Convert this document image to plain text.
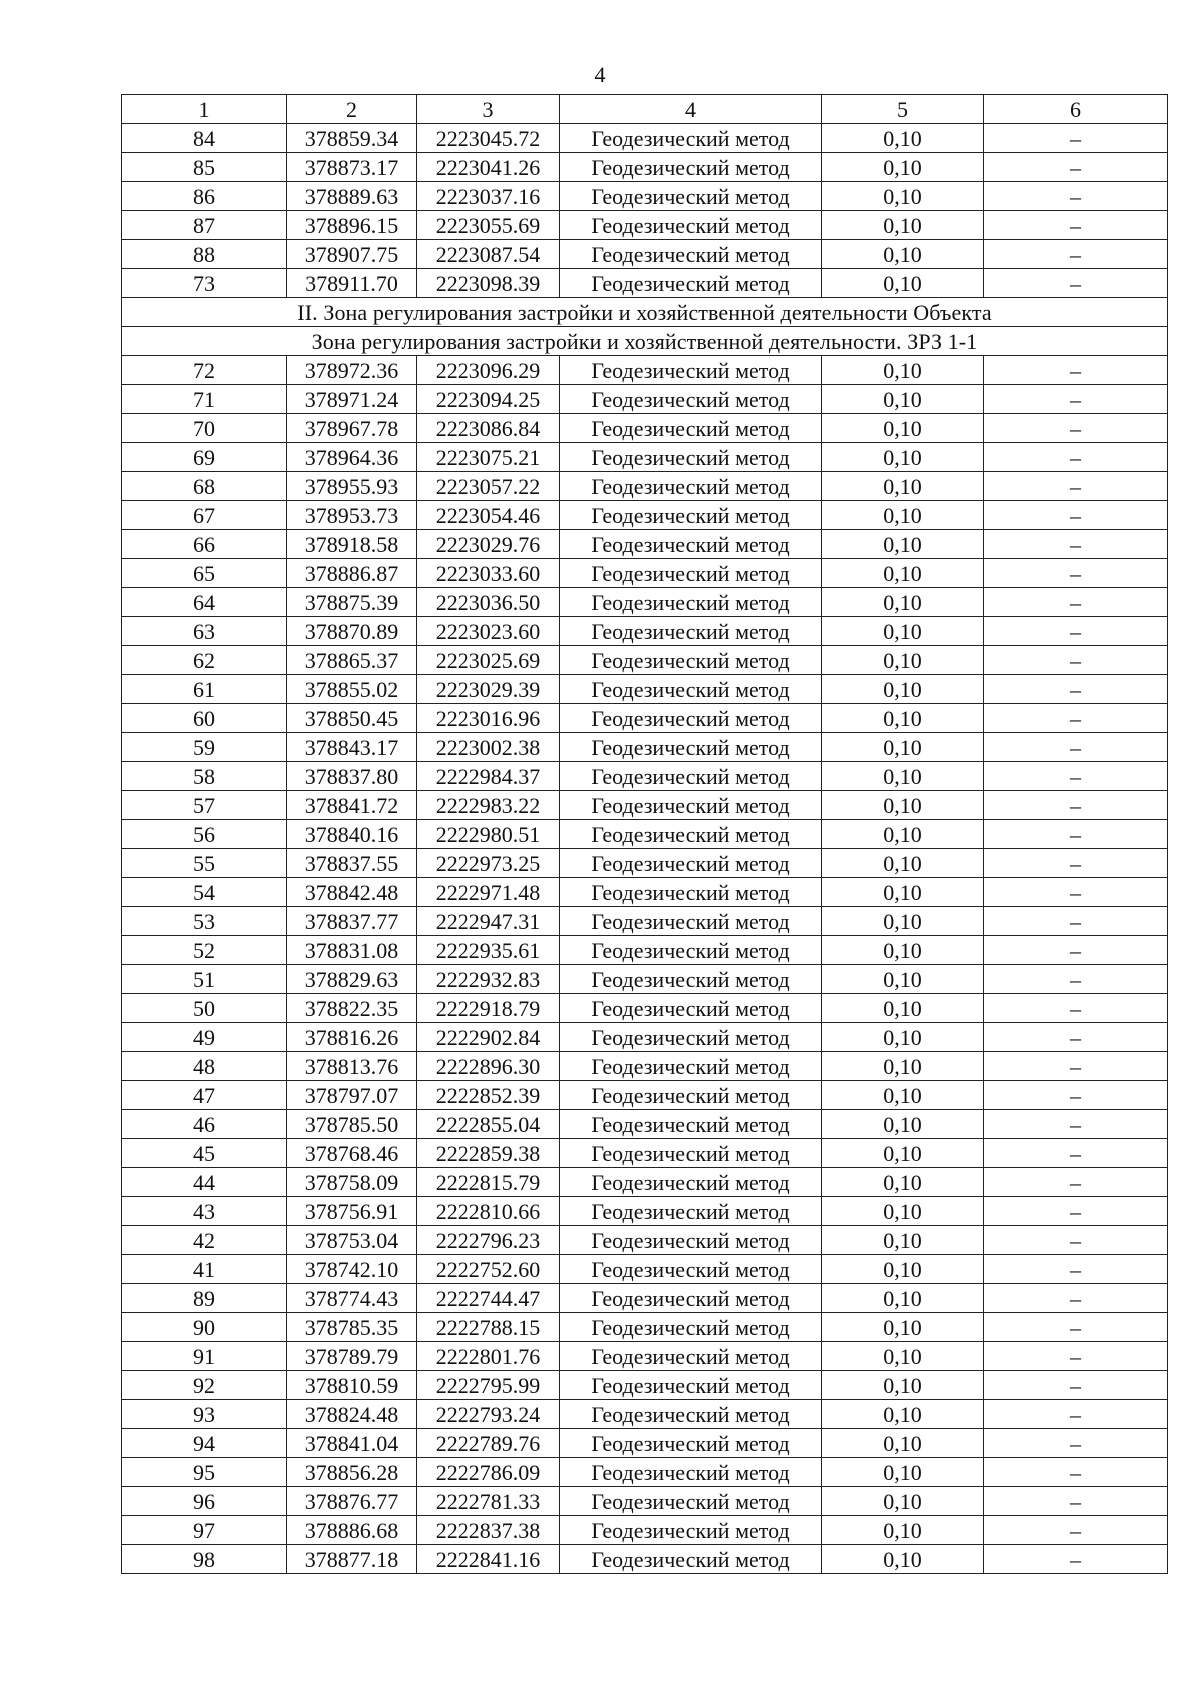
4
1	2	3	4	5	6
84	378859.34	2223045.72	Геодезический метод	0,10	–
85	378873.17	2223041.26	Геодезический метод	0,10	–
86	378889.63	2223037.16	Геодезический метод	0,10	–
87	378896.15	2223055.69	Геодезический метод	0,10	–
88	378907.75	2223087.54	Геодезический метод	0,10	–
73	378911.70	2223098.39	Геодезический метод	0,10	–
II. Зона регулирования застройки и хозяйственной деятельности Объекта					
Зона регулирования застройки и хозяйственной деятельности. ЗРЗ 1-1					
72	378972.36	2223096.29	Геодезический метод	0,10	–
71	378971.24	2223094.25	Геодезический метод	0,10	–
70	378967.78	2223086.84	Геодезический метод	0,10	–
69	378964.36	2223075.21	Геодезический метод	0,10	–
68	378955.93	2223057.22	Геодезический метод	0,10	–
67	378953.73	2223054.46	Геодезический метод	0,10	–
66	378918.58	2223029.76	Геодезический метод	0,10	–
65	378886.87	2223033.60	Геодезический метод	0,10	–
64	378875.39	2223036.50	Геодезический метод	0,10	–
63	378870.89	2223023.60	Геодезический метод	0,10	–
62	378865.37	2223025.69	Геодезический метод	0,10	–
61	378855.02	2223029.39	Геодезический метод	0,10	–
60	378850.45	2223016.96	Геодезический метод	0,10	–
59	378843.17	2223002.38	Геодезический метод	0,10	–
58	378837.80	2222984.37	Геодезический метод	0,10	–
57	378841.72	2222983.22	Геодезический метод	0,10	–
56	378840.16	2222980.51	Геодезический метод	0,10	–
55	378837.55	2222973.25	Геодезический метод	0,10	–
54	378842.48	2222971.48	Геодезический метод	0,10	–
53	378837.77	2222947.31	Геодезический метод	0,10	–
52	378831.08	2222935.61	Геодезический метод	0,10	–
51	378829.63	2222932.83	Геодезический метод	0,10	–
50	378822.35	2222918.79	Геодезический метод	0,10	–
49	378816.26	2222902.84	Геодезический метод	0,10	–
48	378813.76	2222896.30	Геодезический метод	0,10	–
47	378797.07	2222852.39	Геодезический метод	0,10	–
46	378785.50	2222855.04	Геодезический метод	0,10	–
45	378768.46	2222859.38	Геодезический метод	0,10	–
44	378758.09	2222815.79	Геодезический метод	0,10	–
43	378756.91	2222810.66	Геодезический метод	0,10	–
42	378753.04	2222796.23	Геодезический метод	0,10	–
41	378742.10	2222752.60	Геодезический метод	0,10	–
89	378774.43	2222744.47	Геодезический метод	0,10	–
90	378785.35	2222788.15	Геодезический метод	0,10	–
91	378789.79	2222801.76	Геодезический метод	0,10	–
92	378810.59	2222795.99	Геодезический метод	0,10	–
93	378824.48	2222793.24	Геодезический метод	0,10	–
94	378841.04	2222789.76	Геодезический метод	0,10	–
95	378856.28	2222786.09	Геодезический метод	0,10	–
96	378876.77	2222781.33	Геодезический метод	0,10	–
97	378886.68	2222837.38	Геодезический метод	0,10	–
98	378877.18	2222841.16	Геодезический метод	0,10	–
